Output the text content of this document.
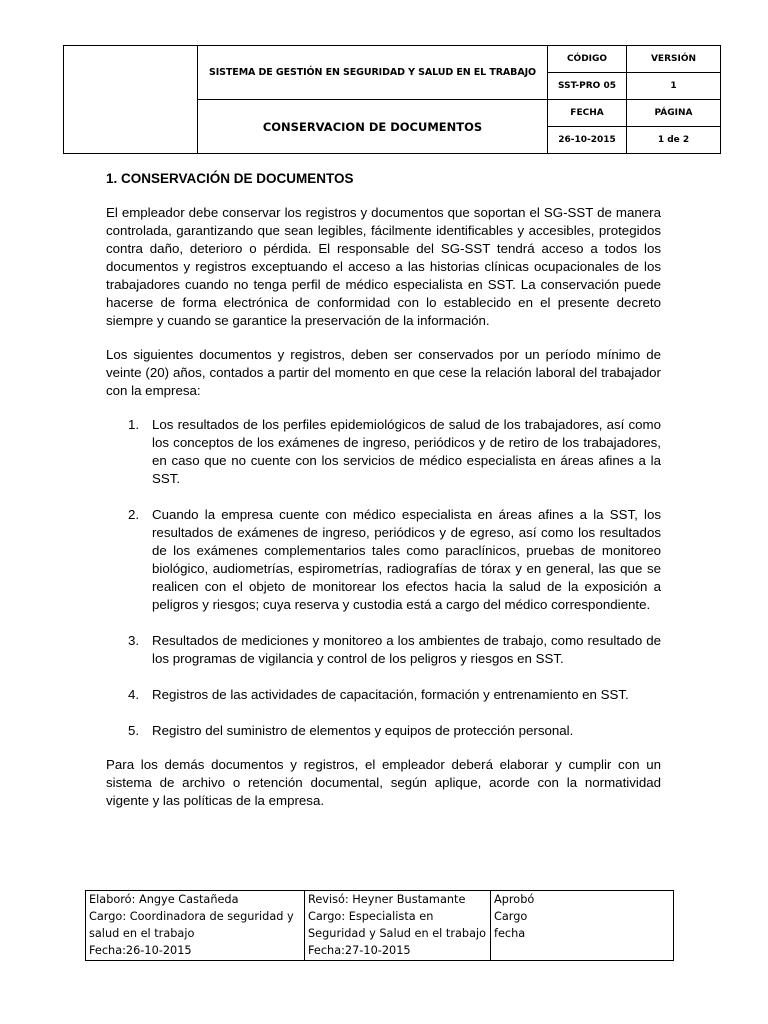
	SISTEMA DE GESTIÓN EN SEGURIDAD Y SALUD EN EL TRABAJO	CÓDIGO	VERSIÓN
		SST-PRO 05	1
	CONSERVACION DE DOCUMENTOS	FECHA	PÁGINA
		26-10-2015	1 de 2
1. CONSERVACIÓN DE DOCUMENTOS

El empleador debe conservar los registros y documentos que soportan el SG-SST de manera controlada, garantizando que sean legibles, fácilmente identificables y accesibles, protegidos contra daño, deterioro o pérdida. El responsable del SG-SST tendrá acceso a todos los documentos y registros exceptuando el acceso a las historias clínicas ocupacionales de los trabajadores cuando no tenga perfil de médico especialista en SST. La conservación puede hacerse de forma electrónica de conformidad con lo establecido en el presente decreto siempre y cuando se garantice la preservación de la información.

Los siguientes documentos y registros, deben ser conservados por un período mínimo de veinte (20) años, contados a partir del momento en que cese la relación laboral del trabajador con la empresa:

1. Los resultados de los perfiles epidemiológicos de salud de los trabajadores, así como los conceptos de los exámenes de ingreso, periódicos y de retiro de los trabajadores, en caso que no cuente con los servicios de médico especialista en áreas afines a la SST.
2. Cuando la empresa cuente con médico especialista en áreas afines a la SST, los resultados de exámenes de ingreso, periódicos y de egreso, así como los resultados de los exámenes complementarios tales como paraclínicos, pruebas de monitoreo biológico, audiometrías, espirometrías, radiografías de tórax y en general, las que se realicen con el objeto de monitorear los efectos hacia la salud de la exposición a peligros y riesgos; cuya reserva y custodia está a cargo del médico correspondiente.
3. Resultados de mediciones y monitoreo a los ambientes de trabajo, como resultado de los programas de vigilancia y control de los peligros y riesgos en SST.
4. Registros de las actividades de capacitación, formación y entrenamiento en SST.
5. Registro del suministro de elementos y equipos de protección personal.

Para los demás documentos y registros, el empleador deberá elaborar y cumplir con un sistema de archivo o retención documental, según aplique, acorde con la normatividad vigente y las políticas de la empresa.

Elaboró: Angye Castañeda
Cargo: Coordinadora de seguridad y
salud en el trabajo
Fecha:26-10-2015

Revisó: Heyner Bustamante
Cargo: Especialista en
Seguridad y Salud en el trabajo
Fecha:27-10-2015

Aprobó
Cargo
fecha
